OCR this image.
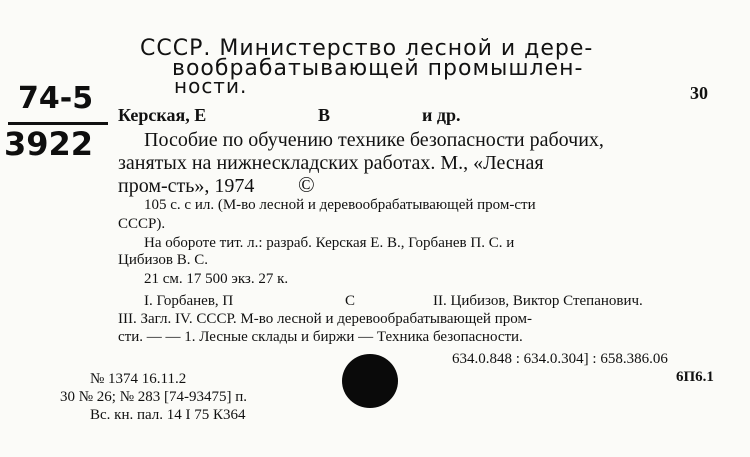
СССР. Министерство лесной и дере-
вообрабатывающей промышлен-
ности.
74-5
3922
30
Керская, Е	В	и др.
Пособие по обучению технике безопасности рабочих,
занятых на нижнескладских работах. М., «Лесная
пром-сть», 1974 ©
105 с. с ил. (М-во лесной и деревообрабатывающей пром-сти
СССР).
На обороте тит. л.: разраб. Керская Е. В., Горбанев П. С. и
Цибизов В. С.
21 см. 17 500 экз. 27 к.
I. Горбанев, П	С	II. Цибизов, Виктор Степанович.
III. Загл. IV. СССР. М-во лесной и деревообрабатывающей пром-
сти. — — 1. Лесные склады и биржи — Техника безопасности.
634.0.848 : 634.0.304] : 658.386.06
6П6.1
№ 1374 16.11.2
30 № 26; № 283 [74-93475] п.
Вс. кн. пал. 14 I 75 К364
